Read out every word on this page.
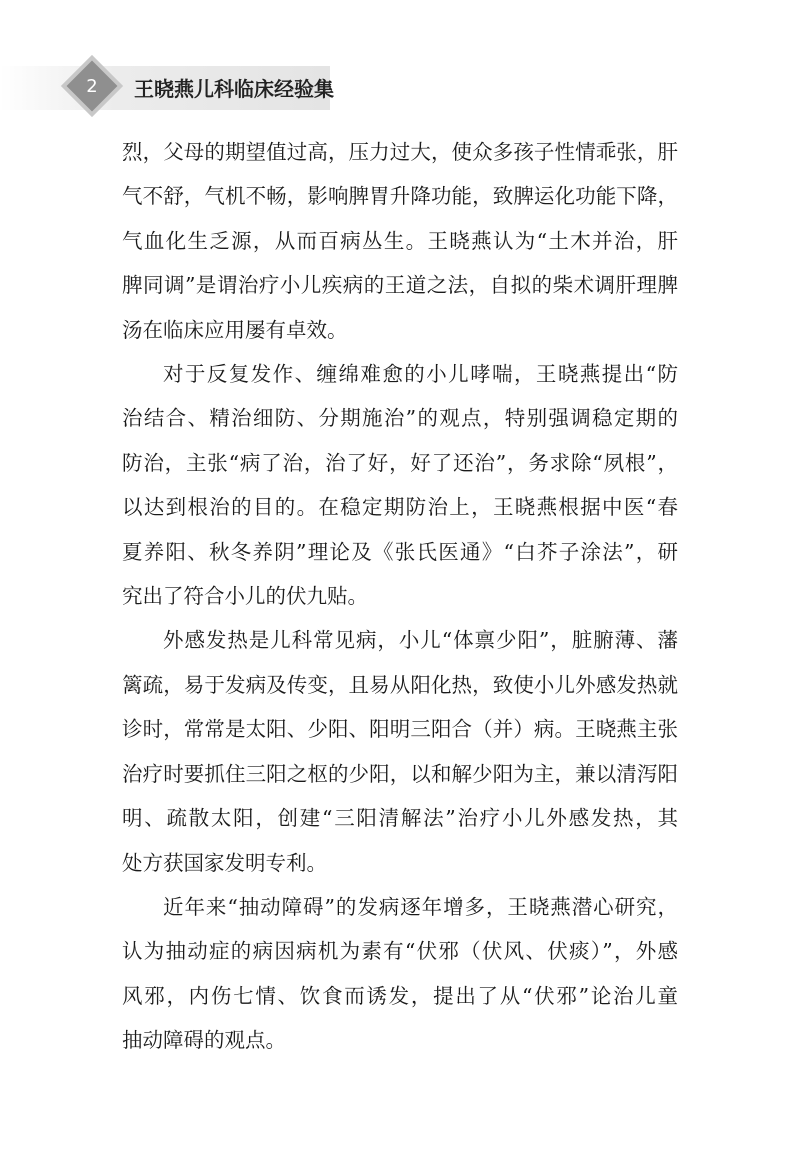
2	王晓燕儿科临床经验集
烈，父母的期望值过高，压力过大，使众多孩子性情乖张，肝
气不舒，气机不畅，影响脾胃升降功能，致脾运化功能下降，
气血化生乏源，从而百病丛生。王晓燕认为“土木并治，肝
脾同调”是谓治疗小儿疾病的王道之法，自拟的柴术调肝理脾
汤在临床应用屡有卓效。
对于反复发作、缠绵难愈的小儿哮喘，王晓燕提出“防
治结合、精治细防、分期施治”的观点，特别强调稳定期的
防治，主张“病了治，治了好，好了还治”，务求除“夙根”，
以达到根治的目的。在稳定期防治上，王晓燕根据中医“春
夏养阳、秋冬养阴”理论及《张氏医通》“白芥子涂法”，研
究出了符合小儿的伏九贴。
外感发热是儿科常见病，小儿“体禀少阳”，脏腑薄、藩
篱疏，易于发病及传变，且易从阳化热，致使小儿外感发热就
诊时，常常是太阳、少阳、阳明三阳合（并）病。王晓燕主张
治疗时要抓住三阳之枢的少阳，以和解少阳为主，兼以清泻阳
明、疏散太阳，创建“三阳清解法”治疗小儿外感发热，其
处方获国家发明专利。
近年来“抽动障碍”的发病逐年增多，王晓燕潜心研究，
认为抽动症的病因病机为素有“伏邪（伏风、伏痰）”，外感
风邪，内伤七情、饮食而诱发，提出了从“伏邪”论治儿童
抽动障碍的观点。
